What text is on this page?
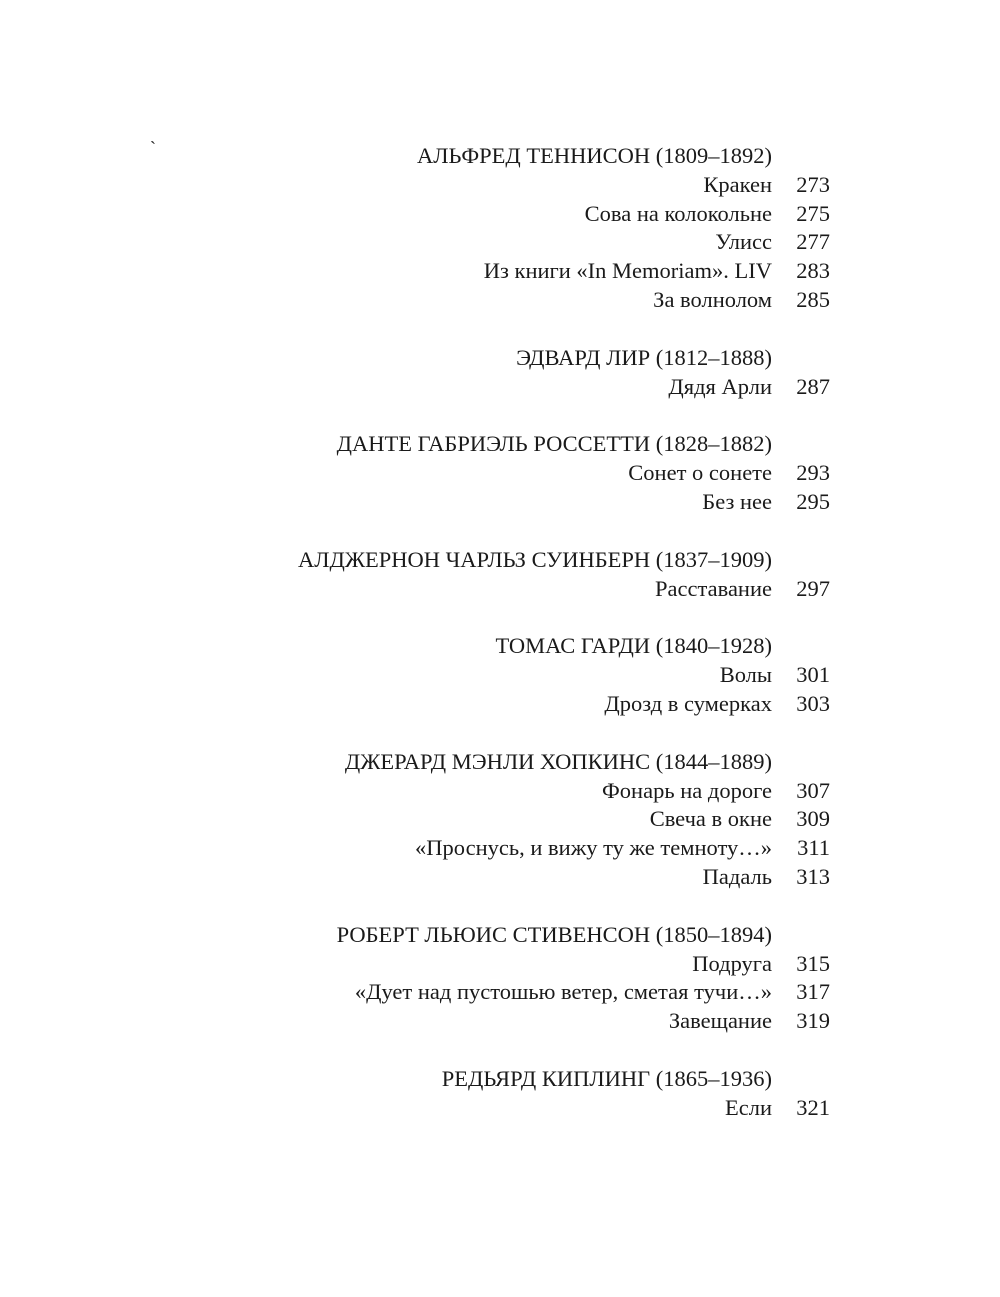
`	АЛЬФРЕД ТЕННИСОН (1809–1892)
Кракен	273
Сова на колокольне	275
Улисс	277
Из книги «In Memoriam». LIV	283
За волнолом	285
ЭДВАРД ЛИР (1812–1888)
Дядя Арли	287
ДАНТЕ ГАБРИЭЛЬ РОССЕТТИ (1828–1882)
Сонет о сонете	293
Без нее	295
АЛДЖЕРНОН ЧАРЛЬЗ СУИНБЕРН (1837–1909)
Расставание	297
ТОМАС ГАРДИ (1840–1928)
Волы	301
Дрозд в сумерках	303
ДЖЕРАРД МЭНЛИ ХОПКИНС (1844–1889)
Фонарь на дороге	307
Свеча в окне	309
«Проснусь, и вижу ту же темноту…»	311
Падаль	313
РОБЕРТ ЛЬЮИС СТИВЕНСОН (1850–1894)
Подруга	315
«Дует над пустошью ветер, сметая тучи…»	317
Завещание	319
РЕДЬЯРД КИПЛИНГ (1865–1936)
Если	321
